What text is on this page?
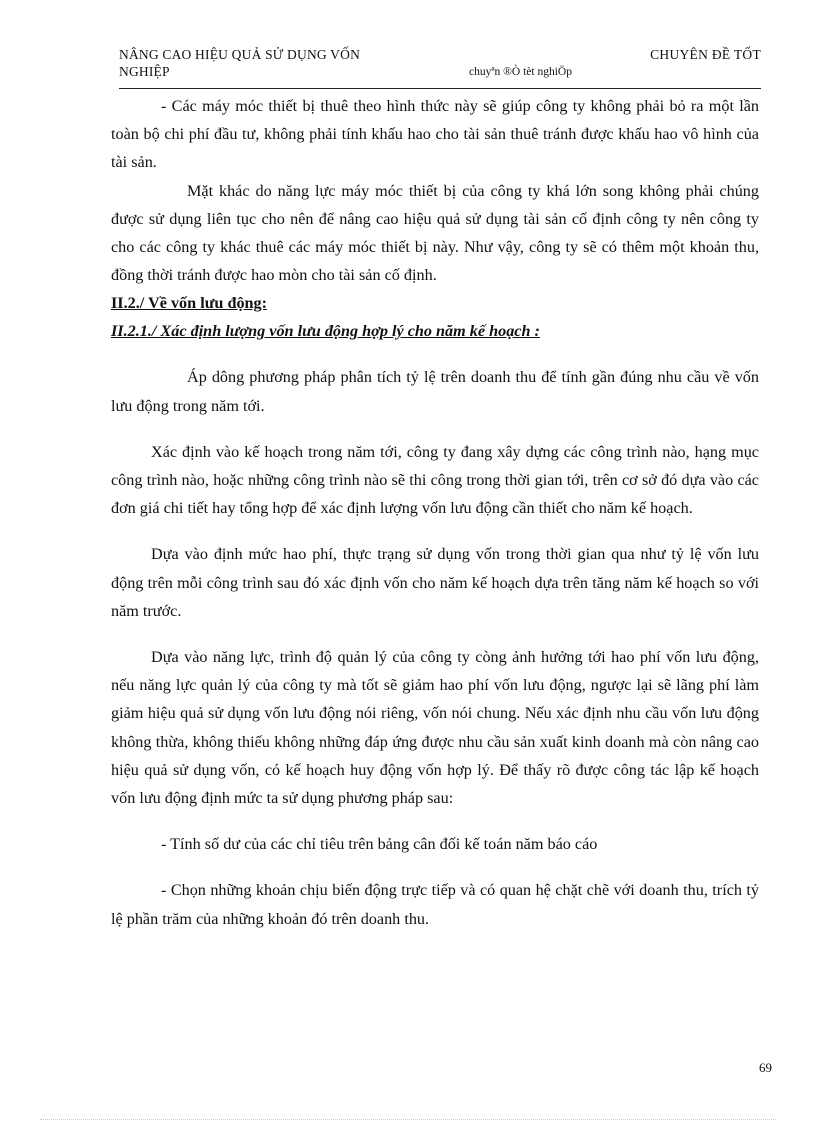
NÂNG CAO HIỆU QUẢ SỬ DỤNG VỐN
NGHIỆP
CHUYÊN ĐỀ TỐT
chuyªn ®Ò tèt nghiÖp

- Các máy móc thiết bị thuê theo hình thức này sẽ giúp công ty không phải bỏ ra một lần toàn bộ chi phí đầu tư, không phải tính khấu hao cho tài sản thuê tránh được khấu hao vô hình của tài sản.

Mặt khác do năng lực máy móc thiết bị của công ty khá lớn song không phải chúng được sử dụng liên tục cho nên để nâng cao hiệu quả sử dụng tài sản cố định công ty nên công ty cho các công ty khác thuê các máy móc thiết bị này. Như vậy, công ty sẽ có thêm một khoản thu, đồng thời tránh được hao mòn cho tài sản cố định.

II.2./ Về vốn lưu động:

II.2.1./ Xác định lượng vốn lưu động hợp lý cho năm kế hoạch :

Áp dông phương pháp phân tích tỷ lệ trên doanh thu để tính gần đúng nhu cầu về vốn lưu động trong năm tới.

Xác định vào kế hoạch trong năm tới, công ty đang xây dựng các công trình nào, hạng mục công trình nào, hoặc những công trình nào sẽ thi công trong thời gian tới, trên cơ sở đó dựa vào các đơn giá chi tiết hay tổng hợp để xác định lượng vốn lưu động cần thiết cho năm kế hoạch.

Dựa vào định mức hao phí, thực trạng sử dụng vốn trong thời gian qua như tỷ lệ vốn lưu động trên mỗi công trình sau đó xác định vốn cho năm kế hoạch dựa trên tăng năm kế hoạch so với năm trước.

Dựa vào năng lực, trình độ quản lý của công ty còng ảnh hưởng tới hao phí vốn lưu động, nếu năng lực quản lý của công ty mà tốt sẽ giảm hao phí vốn lưu động, ngược lại sẽ lãng phí làm giảm hiệu quả sử dụng vốn lưu động nói riêng, vốn nói chung. Nếu xác định nhu cầu vốn lưu động không thừa, không thiếu không những đáp ứng được nhu cầu sản xuất kinh doanh mà còn nâng cao hiệu quả sử dụng vốn, có kế hoạch huy động vốn hợp lý. Để thấy rõ được công tác lập kế hoạch vốn lưu động định mức ta sử dụng phương pháp sau:

- Tính số dư của các chỉ tiêu trên bảng cân đối kế toán năm báo cáo

- Chọn những khoản chịu biến động trực tiếp và có quan hệ chặt chẽ với doanh thu, trích tỷ lệ phần trăm của những khoản đó trên doanh thu.

69
